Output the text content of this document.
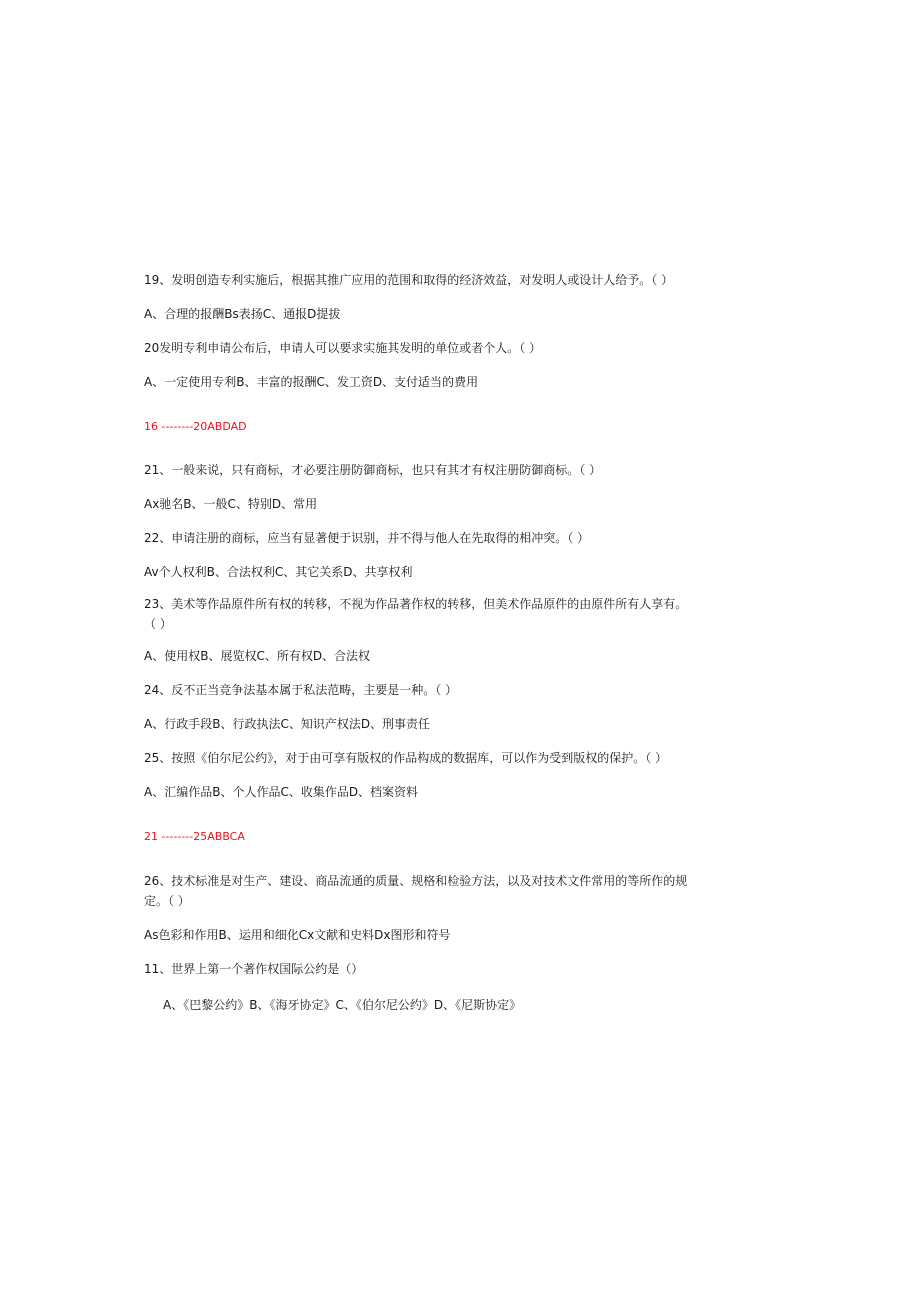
19、发明创造专利实施后，根据其推广应用的范围和取得的经济效益，对发明人或设计人给予。（ ）
A、合理的报酬Bs表扬C、通报D提拔
20发明专利申请公布后，申请人可以要求实施其发明的单位或者个人。（ ）
A、一定使用专利B、丰富的报酬C、发工资D、支付适当的费用
16 --------20ABDAD
21、一般来说，只有商标，才必要注册防御商标，也只有其才有权注册防御商标。（ ）
Ax驰名B、一般C、特别D、常用
22、申请注册的商标，应当有显著便于识别，并不得与他人在先取得的相冲突。（ ）
Av个人权利B、合法权利C、其它关系D、共享权利
23、美术等作品原件所有权的转移，不视为作品著作权的转移，但美术作品原件的由原件所有人享有。（ ）
A、使用权B、展览权C、所有权D、合法权
24、反不正当竞争法基本属于私法范畴，主要是一种。（ ）
A、行政手段B、行政执法C、知识产权法D、刑事责任
25、按照《伯尔尼公约》，对于由可享有版权的作品构成的数据库，可以作为受到版权的保护。（ ）
A、汇编作品B、个人作品C、收集作品D、档案资料
21 --------25ABBCA
26、技术标准是对生产、建设、商品流通的质量、规格和检验方法，以及对技术文件常用的等所作的规定。（ ）
As色彩和作用B、运用和细化Cx文献和史料Dx图形和符号
11、世界上第一个著作权国际公约是（）
A、《巴黎公约》B、《海牙协定》C、《伯尔尼公约》D、《尼斯协定》
